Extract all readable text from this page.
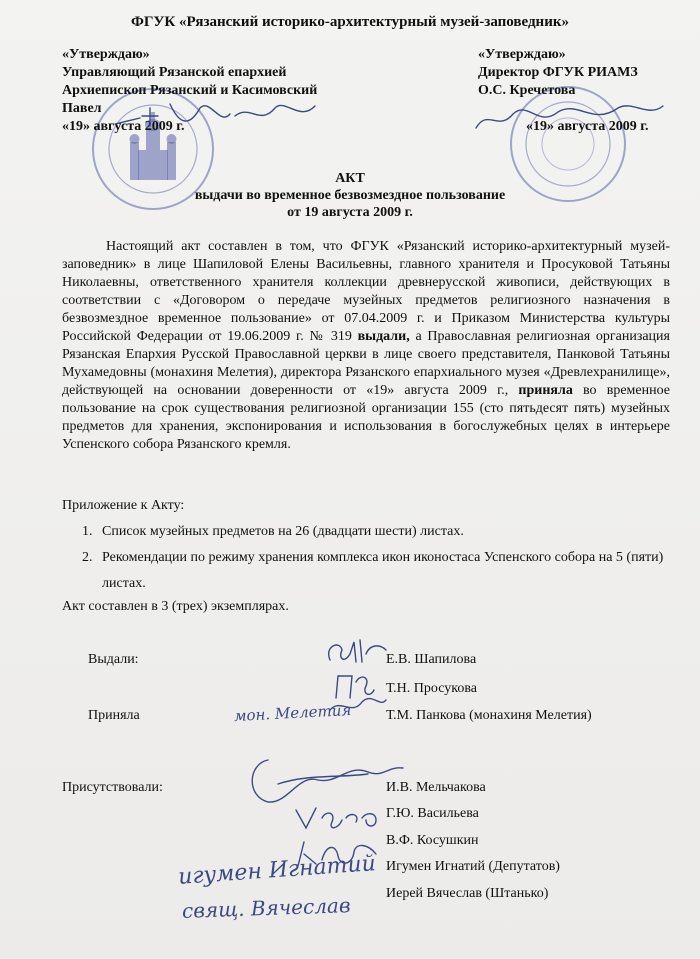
ФГУК «Рязанский историко-архитектурный музей-заповедник»
«Утверждаю»
Управляющий Рязанской епархией
Архиепископ Рязанский и Касимовский
Павел
«19» августа 2009 г.
«Утверждаю»
Директор ФГУК РИАМЗ
О.С. Кречетова
«19» августа 2009 г.
АКТ
выдачи во временное безвозмездное пользование
от 19 августа 2009 г.
Настоящий акт составлен в том, что ФГУК «Рязанский историко-архитектурный музей-заповедник» в лице Шапиловой Елены Васильевны, главного хранителя и Просуковой Татьяны Николаевны, ответственного хранителя коллекции древнерусской живописи, действующих в соответствии с «Договором о передаче музейных предметов религиозного назначения в безвозмездное временное пользование» от 07.04.2009 г. и Приказом Министерства культуры Российской Федерации от 19.06.2009 г. № 319 выдали, а Православная религиозная организация Рязанская Епархия Русской Православной церкви в лице своего представителя, Панковой Татьяны Мухамедовны (монахиня Мелетия), директора Рязанского епархиального музея «Древлехранилище», действующей на основании доверенности от «19» августа 2009 г., приняла во временное пользование на срок существования религиозной организации 155 (сто пятьдесят пять) музейных предметов для хранения, экспонирования и использования в богослужебных целях в интерьере Успенского собора Рязанского кремля.
Приложение к Акту:
1. Список музейных предметов на 26 (двадцати шести) листах.
2. Рекомендации по режиму хранения комплекса икон иконостаса Успенского собора на 5 (пяти) листах.
Акт составлен в 3 (трех) экземплярах.
Выдали:	Е.В. Шапилова
Т.Н. Просукова
Приняла	Т.М. Панкова (монахиня Мелетия)
Присутствовали:	И.В. Мельчакова
Г.Ю. Васильева
В.Ф. Косушкин
Игумен Игнатий (Депутатов)
Иерей Вячеслав (Штанько)
мон. Мелетия
игумен Игнатий
свящ. Вячеслав
